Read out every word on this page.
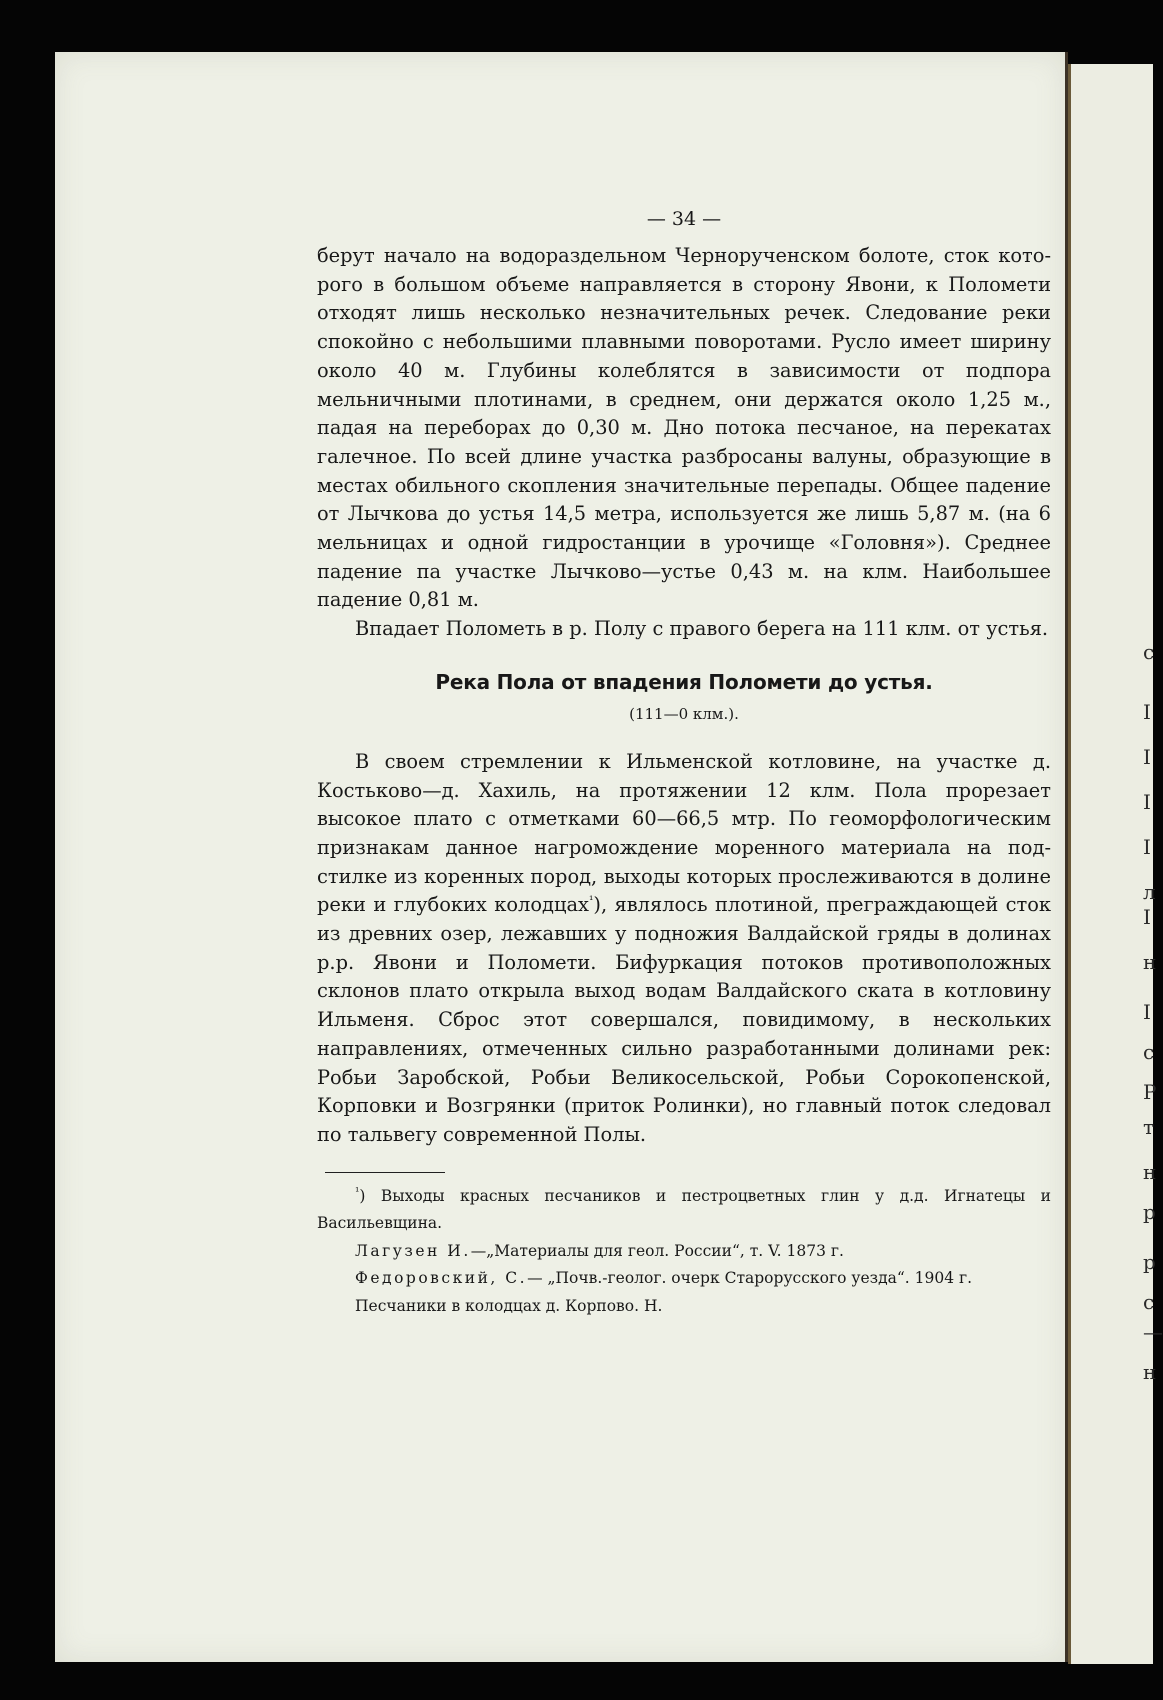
с
I
I
I
I
л
I
н
I
с
Р
т
н
р
р
с
—
н
— 34 —

берут начало на водораздельном Чернорученском болоте, сток которого в большом объеме направляется в сторону Явони, к Поломети отходят лишь несколько незначительных речек. Следование реки спокойно с небольшими плавными поворотами. Русло имеет ширину около 40 м. Глубины колеблятся в зависимости от подпора мельничными плотинами, в среднем, они держатся около 1,25 м., падая на переборах до 0,30 м. Дно потока песчаное, на перекатах галечное. По всей длине участка разбросаны валуны, образующие в местах обильного скопления значительные перепады. Общее падение от Лычкова до устья 14,5 метра, используется же лишь 5,87 м. (на 6 мельницах и одной гидростанции в урочище «Головня»). Среднее падение па участке Лычково—устье 0,43 м. на клм. Наибольшее падение 0,81 м.

Впадает Полометь в р. Полу с правого берега на 111 клм. от устья.

Река Пола от впадения Поломети до устья.
(111—0 клм.).

В своем стремлении к Ильменской котловине, на участке д. Костьково—д. Хахиль, на протяжении 12 клм. Пола прорезает высокое плато с отметками 60—66,5 мтр. По геоморфологическим признакам данное нагромождение моренного материала на подстилке из коренных пород, выходы которых прослеживаются в долине реки и глубоких колодцах$^{^1}$), являлось плотиной, преграждающей сток из древних озер, лежавших у подножия Валдайской гряды в долинах р.р. Явони и Поломети. Бифуркация потоков противоположных склонов плато открыла выход водам Валдайского ската в котловину Ильменя. Сброс этот совершался, повидимому, в нескольких направлениях, отмеченных сильно разработанными долинами рек: Робьи Заробской, Робьи Великосельской, Робьи Сорокопенской, Корповки и Возгрянки (приток Ролинки), но главный поток следовал по тальвегу современной Полы.

$^{^1}$) Выходы красных песчаников и пестроцветных глин у д.д. Игнатецы и Васильевщина.

Лагузен И.—„Материалы для геол. России“, т. V. 1873 г.

Федоровский, С.— „Почв.-геолог. очерк Старорусского уезда“. 1904 г.

Песчаники в колодцах д. Корпово. Н.
